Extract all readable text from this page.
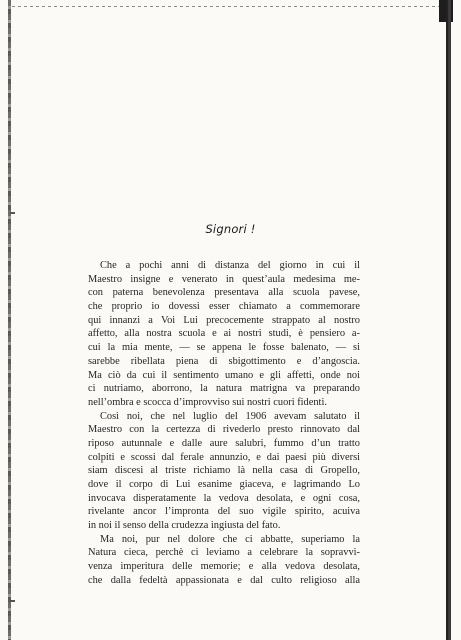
Signori !
Che a pochi anni di distanza del giorno in cui il
Maestro insigne e venerato in quest’aula medesima me-
con paterna benevolenza presentava alla scuola pavese,
che proprio io dovessi esser chiamato a commemorare
qui innanzi a Voi Lui precocemente strappato al nostro
affetto, alla nostra scuola e ai nostri studi, è pensiero a-
cui la mia mente, — se appena le fosse balenato, — si
sarebbe ribellata piena di sbigottimento e d’angoscia.
Ma ciò da cui il sentimento umano e gli affetti, onde noi
ci nutriamo, aborrono, la natura matrigna va preparando
nell’ombra e scocca d’improvviso sui nostri cuori fidenti.
Così noi, che nel luglio del 1906 avevam salutato il
Maestro con la certezza di rivederlo presto rinnovato dal
riposo autunnale e dalle aure salubri, fummo d’un tratto
colpiti e scossi dal ferale annunzio, e dai paesi più diversi
siam discesi al triste richiamo là nella casa di Gropello,
dove il corpo di Lui esanime giaceva, e lagrimando Lo
invocava disperatamente la vedova desolata, e ogni cosa,
rivelante ancor l’impronta del suo vigile spirito, acuiva
in noi il senso della crudezza ingiusta del fato.
Ma noi, pur nel dolore che ci abbatte, superiamo la
Natura cieca, perchè ci leviamo a celebrare la sopravvi-
venza imperitura delle memorie; e alla vedova desolata,
che dalla fedeltà appassionata e dal culto religioso alla
